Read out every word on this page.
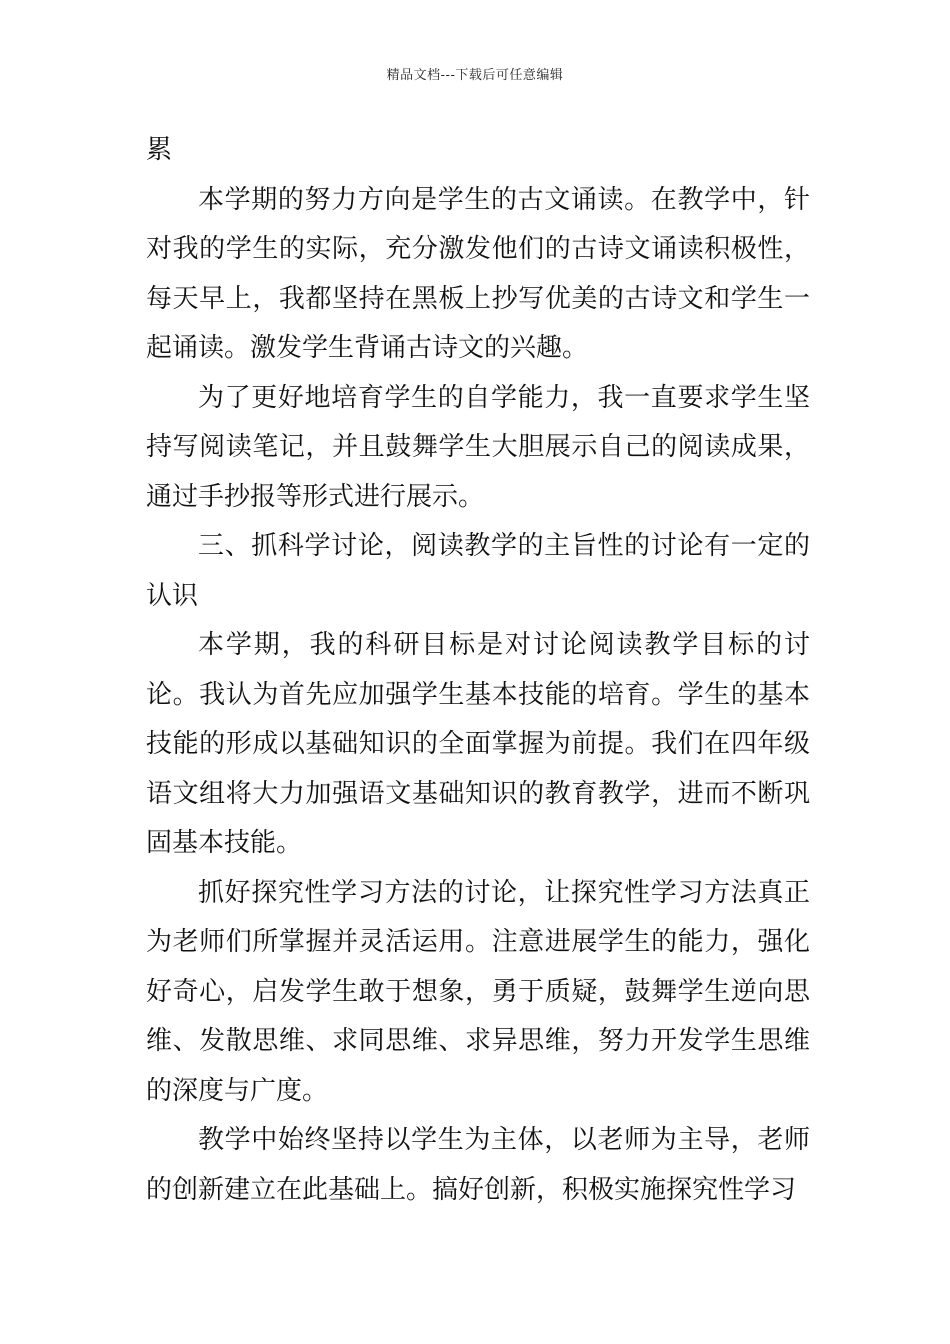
精品文档---下载后可任意编辑

累

本学期的努力方向是学生的古文诵读。在教学中，针对我的学生的实际，充分激发他们的古诗文诵读积极性，每天早上，我都坚持在黑板上抄写优美的古诗文和学生一起诵读。激发学生背诵古诗文的兴趣。

为了更好地培育学生的自学能力，我一直要求学生坚持写阅读笔记，并且鼓舞学生大胆展示自己的阅读成果，通过手抄报等形式进行展示。

三、抓科学讨论，阅读教学的主旨性的讨论有一定的认识

本学期，我的科研目标是对讨论阅读教学目标的讨论。我认为首先应加强学生基本技能的培育。学生的基本技能的形成以基础知识的全面掌握为前提。我们在四年级语文组将大力加强语文基础知识的教育教学，进而不断巩固基本技能。

抓好探究性学习方法的讨论，让探究性学习方法真正为老师们所掌握并灵活运用。注意进展学生的能力，强化好奇心，启发学生敢于想象，勇于质疑，鼓舞学生逆向思维、发散思维、求同思维、求异思维，努力开发学生思维的深度与广度。

教学中始终坚持以学生为主体，以老师为主导，老师的创新建立在此基础上。搞好创新，积极实施探究性学习
